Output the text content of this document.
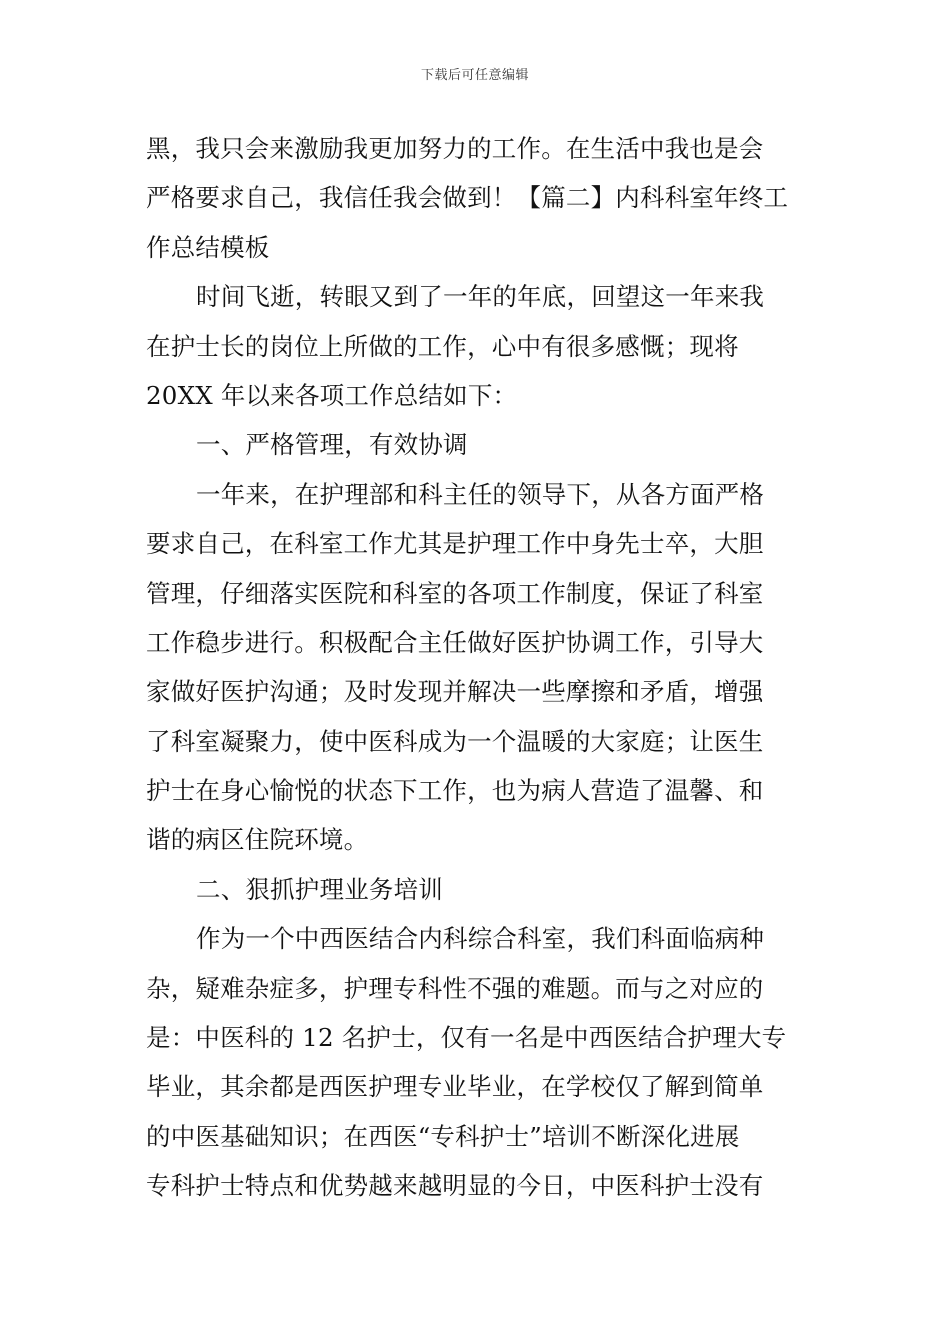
下载后可任意编辑
黑，我只会来激励我更加努力的工作。在生活中我也是会
严格要求自己，我信任我会做到！【篇二】内科科室年终工
作总结模板
时间飞逝，转眼又到了一年的年底，回望这一年来我
在护士长的岗位上所做的工作，心中有很多感慨；现将
20XX 年以来各项工作总结如下：
一、严格管理，有效协调
一年来，在护理部和科主任的领导下，从各方面严格
要求自己，在科室工作尤其是护理工作中身先士卒，大胆
管理，仔细落实医院和科室的各项工作制度，保证了科室
工作稳步进行。积极配合主任做好医护协调工作，引导大
家做好医护沟通；及时发现并解决一些摩擦和矛盾，增强
了科室凝聚力，使中医科成为一个温暖的大家庭；让医生
护士在身心愉悦的状态下工作，也为病人营造了温馨、和
谐的病区住院环境。
二、狠抓护理业务培训
作为一个中西医结合内科综合科室，我们科面临病种
杂，疑难杂症多，护理专科性不强的难题。而与之对应的
是：中医科的 12 名护士，仅有一名是中西医结合护理大专
毕业，其余都是西医护理专业毕业，在学校仅了解到简单
的中医基础知识；在西医“专科护士”培训不断深化进展
专科护士特点和优势越来越明显的今日，中医科护士没有
